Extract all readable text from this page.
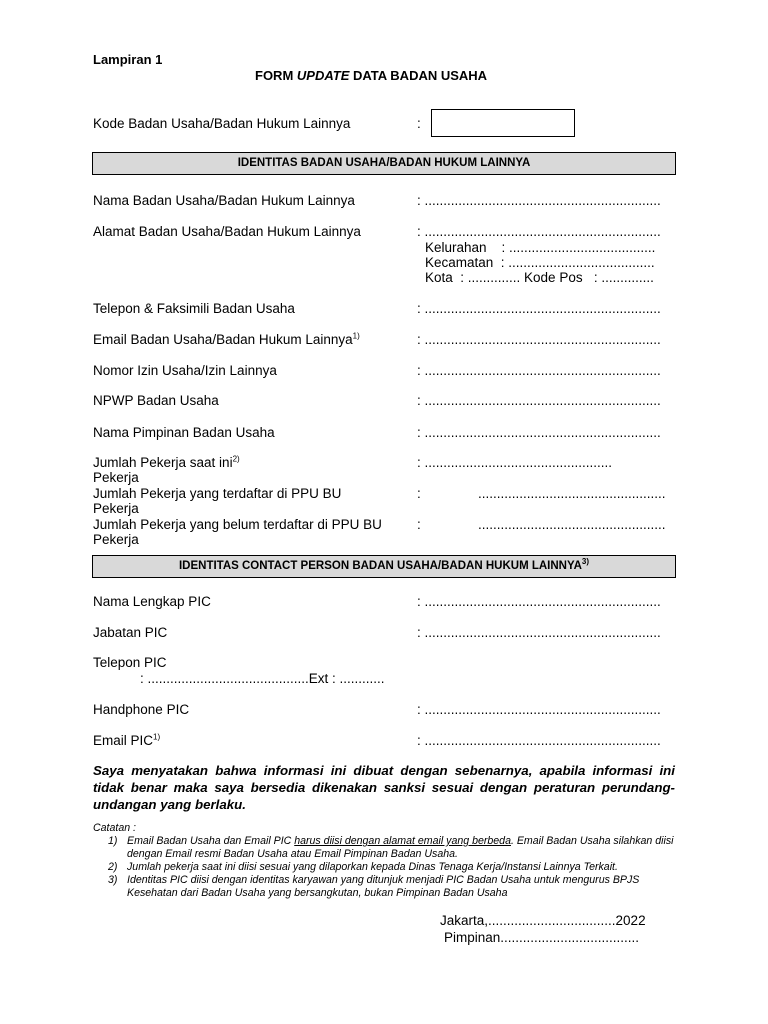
Lampiran 1
FORM UPDATE DATA BADAN USAHA
Kode Badan Usaha/Badan Hukum Lainnya	:
IDENTITAS BADAN USAHA/BADAN HUKUM LAINNYA
Nama Badan Usaha/Badan Hukum Lainnya	: ...............................................................
Alamat Badan Usaha/Badan Hukum Lainnya	: ...............................................................
Kelurahan    : .......................................
Kecamatan  : .......................................
Kota  : .............. Kode Pos   : ..............
Telepon & Faksimili Badan Usaha	: ...............................................................
Email Badan Usaha/Badan Hukum Lainnya$^{1)}$	: ...............................................................
Nomor Izin Usaha/Izin Lainnya	: ...............................................................
NPWP Badan Usaha	: ...............................................................
Nama Pimpinan Badan Usaha	: ...............................................................
Jumlah Pekerja saat ini$^{2)}$	: ..................................................
Pekerja
Jumlah Pekerja yang terdaftar di PPU BU	:	..................................................
Pekerja
Jumlah Pekerja yang belum terdaftar di PPU BU	:	..................................................
Pekerja
IDENTITAS CONTACT PERSON BADAN USAHA/BADAN HUKUM LAINNYA$^{3)}$
Nama Lengkap PIC	: ...............................................................
Jabatan PIC	: ...............................................................
Telepon PIC
: ...........................................Ext : ............
Handphone PIC	: ...............................................................
Email PIC$^{1)}$	: ...............................................................
Saya menyatakan bahwa informasi ini dibuat dengan sebenarnya, apabila informasi ini tidak benar maka saya bersedia dikenakan sanksi sesuai dengan peraturan perundang-undangan yang berlaku.
Catatan :
1) Email Badan Usaha dan Email PIC harus diisi dengan alamat email yang berbeda. Email Badan Usaha silahkan diisi dengan Email resmi Badan Usaha atau Email Pimpinan Badan Usaha.
2) Jumlah pekerja saat ini diisi sesuai yang dilaporkan kepada Dinas Tenaga Kerja/Instansi Lainnya Terkait.
3) Identitas PIC diisi dengan identitas karyawan yang ditunjuk menjadi PIC Badan Usaha untuk mengurus BPJS Kesehatan dari Badan Usaha yang bersangkutan, bukan Pimpinan Badan Usaha
Jakarta,..................................2022
Pimpinan.....................................
